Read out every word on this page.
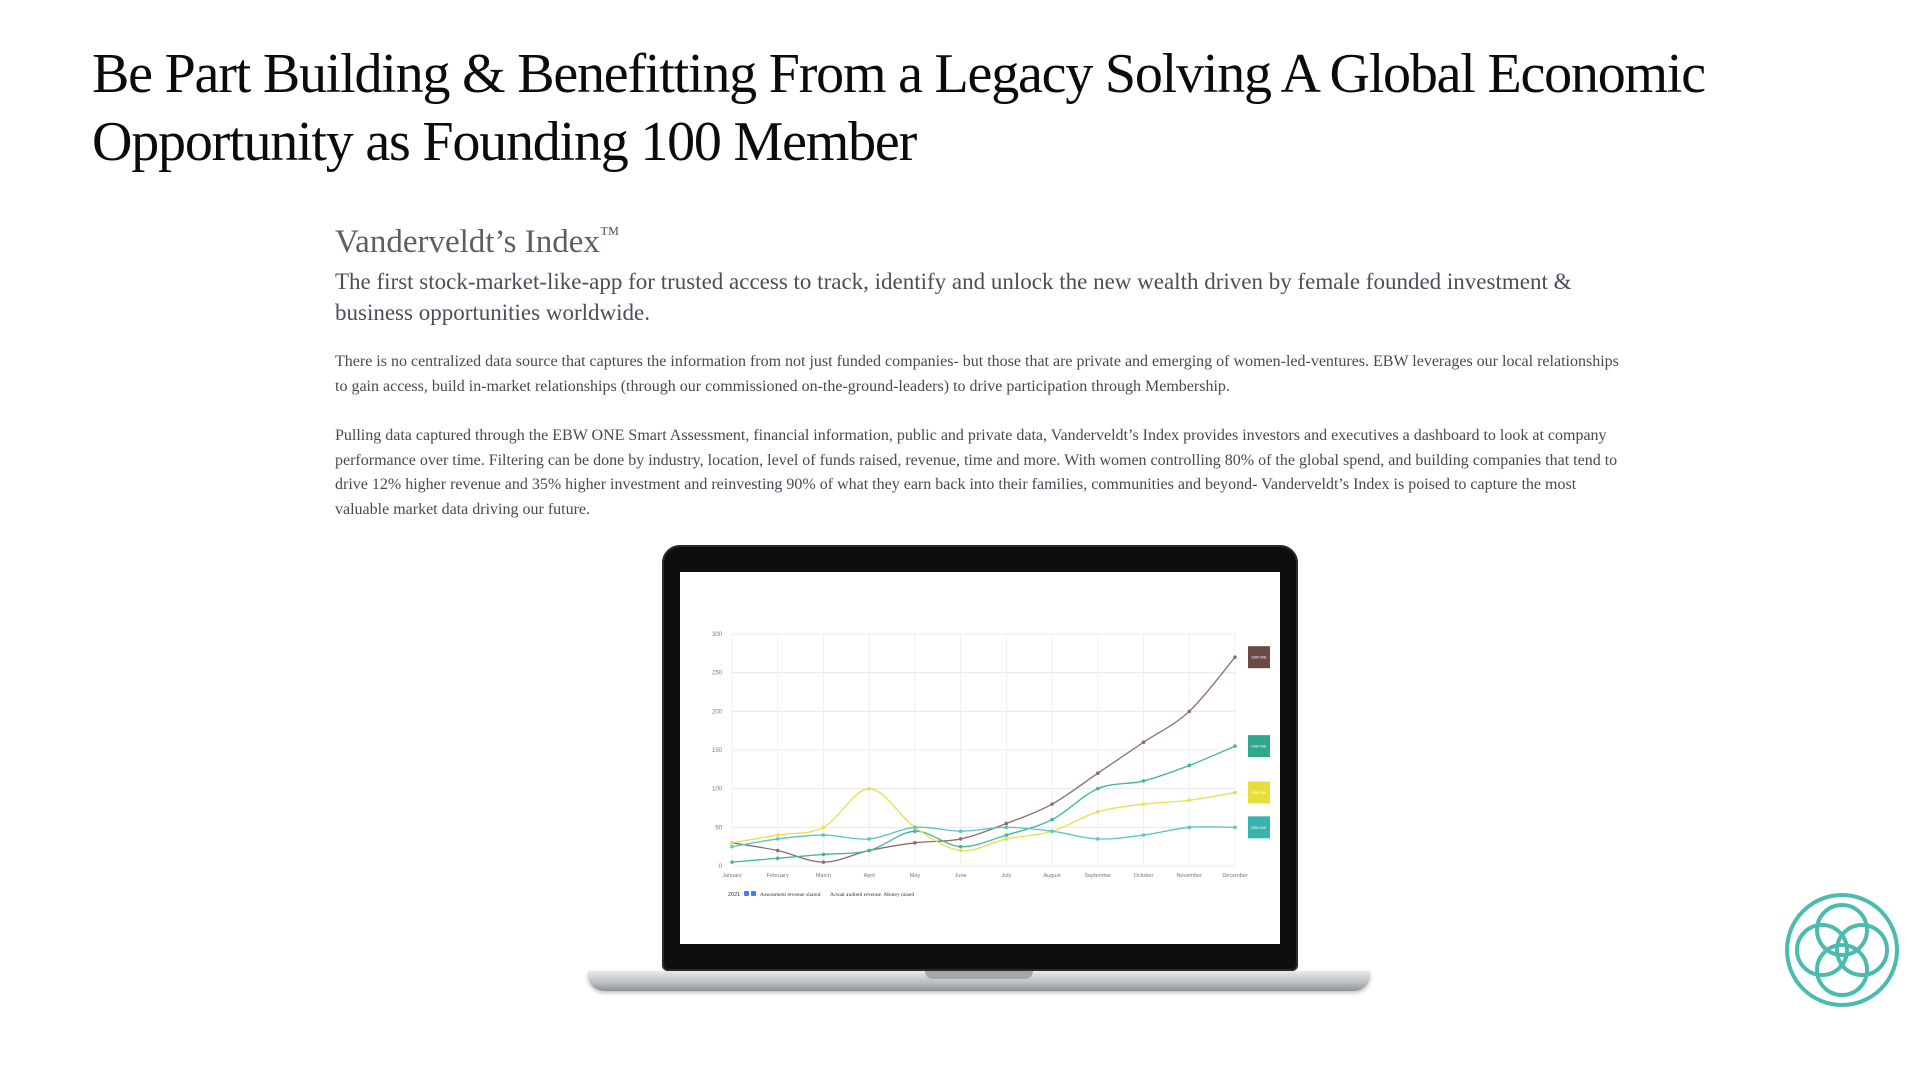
Be Part Building & Benefitting From a Legacy Solving A Global Economic
Opportunity as Founding 100 Member
Vanderveldt’s Index™

The first stock-market-like-app for trusted access to track, identify and unlock the new wealth driven by female founded investment & business opportunities worldwide.

There is no centralized data source that captures the information from not just funded companies- but those that are private and emerging of women-led-ventures. EBW leverages our local relationships to gain access, build in-market relationships (through our commissioned on-the-ground-leaders) to drive participation through Membership.

Pulling data captured through the EBW ONE Smart Assessment, financial information, public and private data, Vanderveldt’s Index provides investors and executives a dashboard to look at company performance over time. Filtering can be done by industry, location, level of funds raised, revenue, time and more. With women controlling 80% of the global spend, and building companies that tend to drive 12% higher revenue and 35% higher investment and reinvesting 90% of what they earn back into their families, communities and beyond- Vanderveldt’s Index is poised to capture the most valuable market data driving our future.

0
50
100
150
200
250
300
January	February	March	April	May	June	July	August	September	October	November	December
EBW ONE
EBW ONE
EBW ONE
EBW ONE
2021	Assessment revenue shared Actual audited revenue Money raised
